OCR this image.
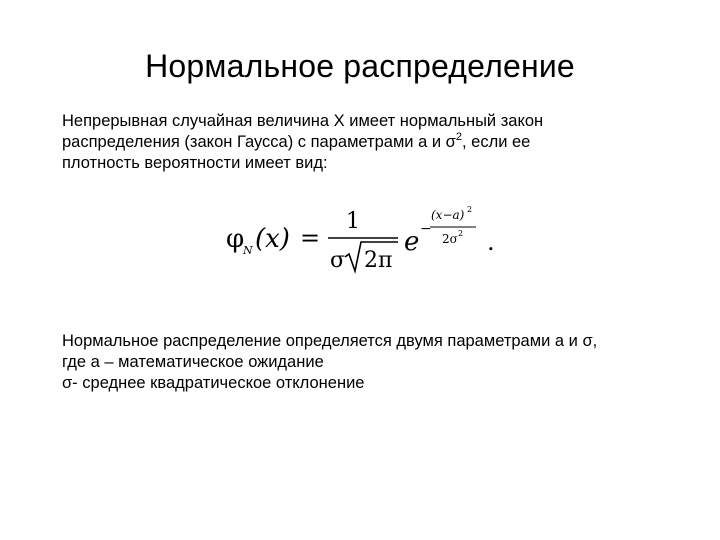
Нормальное распределение

Непрерывная случайная величина Х имеет нормальный закон
распределения (закон Гаусса) с параметрами а и $\sigma^2$, если ее
плотность вероятности имеет вид:

φ
N (x) =
1
σ 2π
e −
(x−a) 2
2σ 2 .

Нормальное распределение определяется двумя параметрами а и σ,
где а – математическое ожидание
σ- среднее квадратическое отклонение
